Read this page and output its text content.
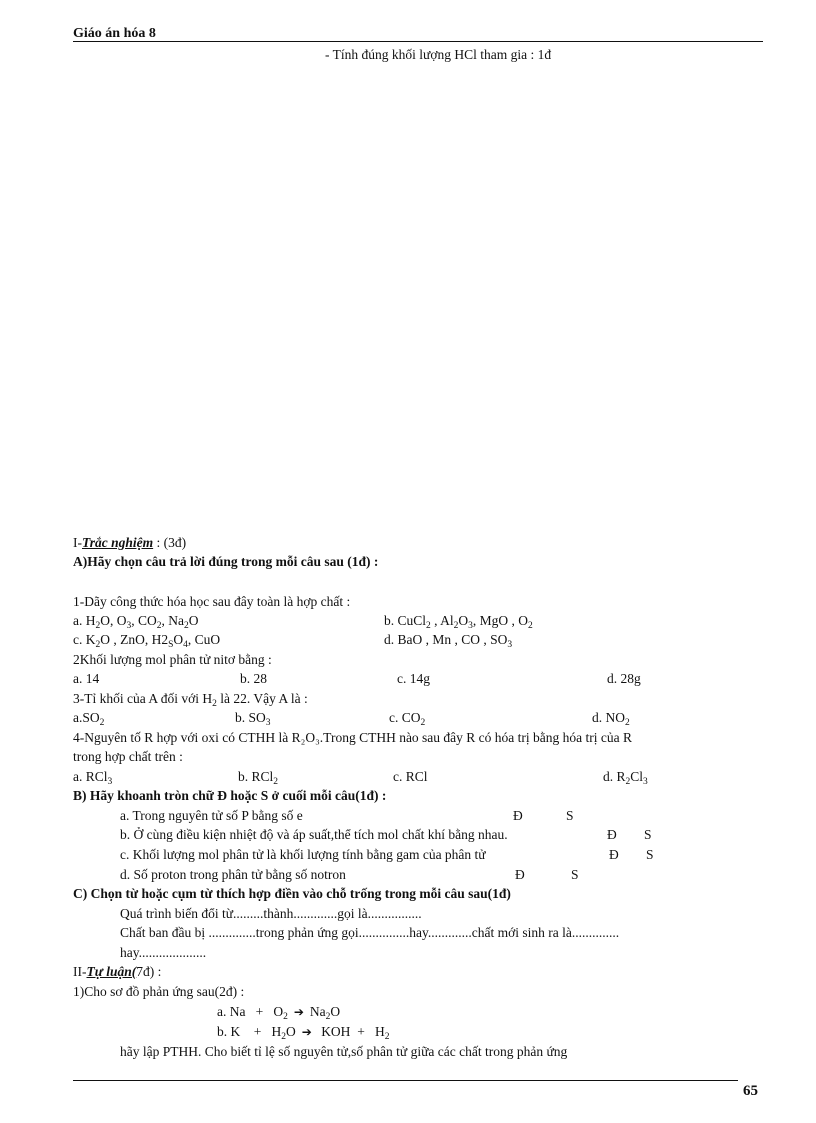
Giáo án hóa 8
- Tính đúng khối lượng HCl tham gia : 1đ
I-Trắc nghiệm : (3đ)
A)Hãy chọn câu trả lời đúng trong mỗi câu sau (1đ) :
1-Dãy công thức hóa học sau đây toàn là hợp chất :
a. $H_2O$, $O_3$, $CO_2$, $Na_2O$	b. CuCl$_2$ , $Al_2O_3$, MgO , $O_2$
c. $K_2O$ , ZnO, $H2_SO_4$, CuO	d. BaO , Mn , CO , $SO_3$
2Khối lượng mol phân tử nitơ bằng :
a. 14	b. 28	c. 14g	d. 28g
3-Tỉ khối của A đối với $H_2$ là 22. Vậy A là :
$a.SO_2$	b. $SO_3$	c. $CO_2$	d. $NO_2$
4-Nguyên tố R hợp với oxi có CTHH là R₂O₃.Trong CTHH nào sau đây R có hóa trị bằng hóa trị của R
trong hợp chất trên :
a. RCl$_3$	b. RCl$_2$	c. RCl	d. $R_2Cl_3$
B) Hãy khoanh tròn chữ Đ hoặc S ở cuối mỗi câu(1đ) :
a. Trong nguyên tử số P bằng số e	Đ	S
b. Ở cùng điều kiện nhiệt độ và áp suất,thể tích mol chất khí bằng nhau.	Đ S
c. Khối lượng mol phân tử là khối lượng tính bằng gam của phân tử	Đ S
d. Số proton trong phân tử bằng số notron	Đ	S
C) Chọn từ hoặc cụm từ thích hợp điền vào chỗ trống trong mỗi câu sau(1đ)
Quá trình biến đổi từ.........thành.............gọi là................
Chất ban đầu bị ..............trong phản ứng gọi...............hay.............chất mới sinh ra là..............
hay....................
II-Tự luận(7đ) :
1)Cho sơ đồ phản ứng sau(2đ) :
a. $Na + O_2$ ➔ $Na_2O$
b. $K + H_2O$ ➔ KOH + $H_2$
hãy lập PTHH. Cho biết tỉ lệ số nguyên tử,số phân tử giữa các chất trong phản ứng
65
